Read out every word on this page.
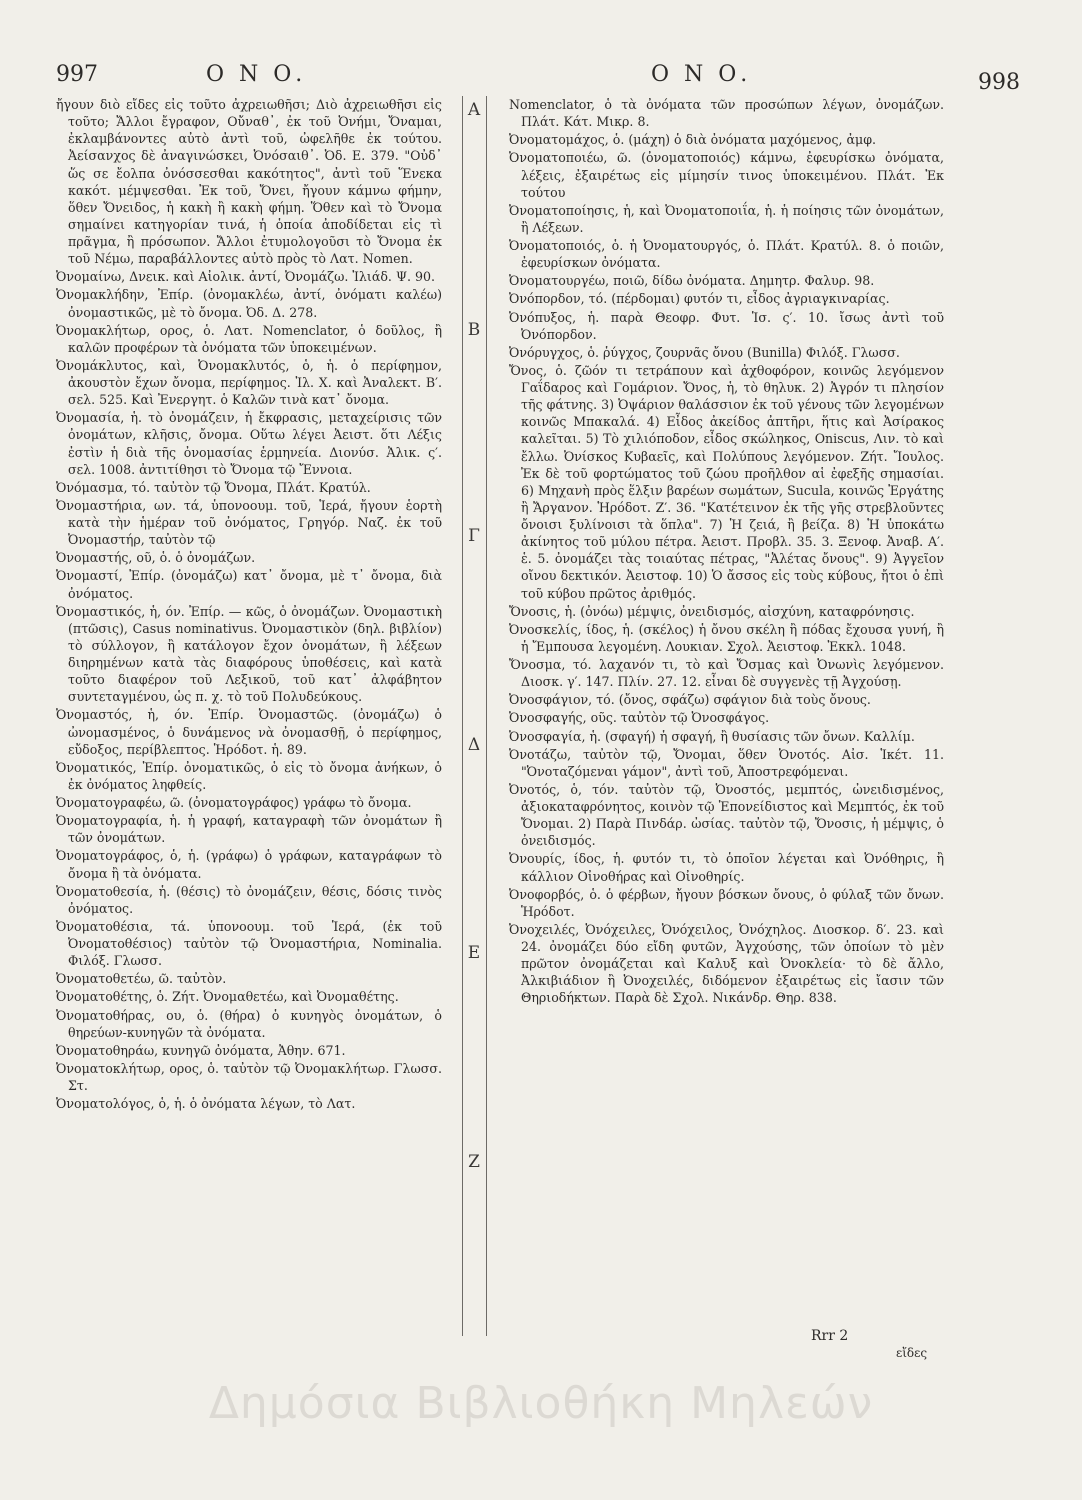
997	Ο Ν Ο.	Ο Ν Ο.	998

ἤγουν διὸ εἴδες εἰς τοῦτο ἀχρειωθῆσι; Διὸ ἀχρειωθῆσι εἰς τοῦτο; Ἄλλοι ἔγραφον, Οὔναθ᾽, ἐκ τοῦ Ὀνήμι, Ὄναμαι, ἐκλαμβάνοντες αὐτὸ ἀντὶ τοῦ, ὠφελῆθε ἐκ τούτου. Ἀείσανχος δὲ ἀναγινώσκει, Ὀνόσαιθ᾽. Ὀδ. Ε. 379. "Οὐδ᾽ ὥς σε ἔολπα ὀνόσσεσθαι κακότητος", ἀντὶ τοῦ Ἕνεκα κακότ. μέμψεσθαι. Ἐκ τοῦ, Ὄνει, ἤγουν κάμνω φήμην, ὅθεν Ὄνειδος, ἡ κακὴ ἢ κακὴ φήμη. Ὅθεν καὶ τὸ Ὄνομα σημαίνει κατηγορίαν τινά, ἡ ὁποία ἀποδίδεται εἰς τὶ πρᾶγμα, ἢ πρόσωπον. Ἄλλοι ἐτυμολογοῦσι τὸ Ὄνομα ἐκ τοῦ Νέμω, παραβάλλοντες αὐτὸ πρὸς τὸ Λατ. Nomen.

Ὀνομαίνω, Δνεικ. καὶ Αἰολικ. ἀντί, Ὀνομάζω. Ἰλιάδ. Ψ. 90.

Ὀνομακλήδην, Ἐπίρ. (ὀνομακλέω, ἀντί, ὀνόματι καλέω) ὀνομαστικῶς, μὲ τὸ ὄνομα. Ὀδ. Δ. 278.

Ὀνομακλήτωρ, ορος, ὁ. Λατ. Nomenclator, ὁ δοῦλος, ἢ καλῶν προφέρων τὰ ὀνόματα τῶν ὑποκειμένων.

Ὀνομάκλυτος, καὶ, Ὀνομακλυτός, ὁ, ἡ. ὁ περίφημον, ἀκουστὸν ἔχων ὄνομα, περίφημος. Ἰλ. Χ. καὶ Ἀναλεκτ. Β′. σελ. 525. Καὶ Ἐνεργητ. ὁ Καλῶν τινὰ κατ᾽ ὄνομα.

Ὀνομασία, ἡ. τὸ ὀνομάζειν, ἡ ἔκφρασις, μεταχείρισις τῶν ὀνομάτων, κλῆσις, ὄνομα. Οὕτω λέγει Ἀειστ. ὅτι Λέξις ἐστὶν ἡ διὰ τῆς ὀνομασίας ἑρμηνεία. Διονύσ. Ἀλικ. ς′. σελ. 1008. ἀντιτίθησι τὸ Ὄνομα τῷ Ἔννοια.

Ὀνόμασμα, τό. ταὐτὸν τῷ Ὄνομα, Πλάτ. Κρατύλ.

Ὀνομαστήρια, ων. τά, ὑπονοουμ. τοῦ, Ἱερά, ἤγουν ἑορτὴ κατὰ τὴν ἡμέραν τοῦ ὀνόματος, Γρηγόρ. Ναζ. ἐκ τοῦ Ὀνομαστήρ, ταὐτὸν τῷ

Ὀνομαστής, οῦ, ὁ. ὁ ὀνομάζων.

Ὀνομαστί, Ἐπίρ. (ὀνομάζω) κατ᾽ ὄνομα, μὲ τ᾽ ὄνομα, διὰ ὀνόματος.

Ὀνομαστικός, ἡ, όν. Ἐπίρ. — κῶς, ὁ ὀνομάζων. Ὀνομαστικὴ (πτῶσις), Casus nominativus. Ὀνομαστικὸν (δηλ. βιβλίον) τὸ σύλλογον, ἢ κατάλογον ἔχον ὀνομάτων, ἢ λέξεων διηρημένων κατὰ τὰς διαφόρους ὑποθέσεις, καὶ κατὰ τοῦτο διαφέρον τοῦ Λεξικοῦ, τοῦ κατ᾽ ἀλφάβητον συντεταγμένου, ὡς π. χ. τὸ τοῦ Πολυδεύκους.

Ὀνομαστός, ἡ, όν. Ἐπίρ. Ὀνομαστῶς. (ὀνομάζω) ὁ ὠνομασμένος, ὁ δυνάμενος νὰ ὀνομασθῇ, ὁ περίφημος, εὔδοξος, περίβλεπτος. Ἡρόδοτ. ἡ. 89.

Ὀνοματικός, Ἐπίρ. ὀνοματικῶς, ὁ εἰς τὸ ὄνομα ἀνήκων, ὁ ἐκ ὀνόματος ληφθείς.

Ὀνοματογραφέω, ῶ. (ὀνοματογράφος) γράφω τὸ ὄνομα.

Ὀνοματογραφία, ἡ. ἡ γραφή, καταγραφὴ τῶν ὀνομάτων ἢ τῶν ὀνομάτων.

Ὀνοματογράφος, ὁ, ἡ. (γράφω) ὁ γράφων, καταγράφων τὸ ὄνομα ἢ τὰ ὀνόματα.

Ὀνοματοθεσία, ἡ. (θέσις) τὸ ὀνομάζειν, θέσις, δόσις τινὸς ὀνόματος.

Ὀνοματοθέσια, τά. ὑπονοουμ. τοῦ Ἱερά, (ἐκ τοῦ Ὀνοματοθέσιος) ταὐτὸν τῷ Ὀνομαστήρια, Nominalia. Φιλόξ. Γλωσσ.

Ὀνοματοθετέω, ῶ. ταὐτὸν.

Ὀνοματοθέτης, ὁ. Ζήτ. Ὀνομαθετέω, καὶ Ὀνομαθέτης.

Ὀνοματοθήρας, ου, ὁ. (θήρα) ὁ κυνηγὸς ὀνομάτων, ὁ θηρεύων-κυνηγῶν τὰ ὀνόματα.

Ὀνοματοθηράω, κυνηγῶ ὀνόματα, Ἀθην. 671.

Ὀνοματοκλήτωρ, ορος, ὁ. ταὐτὸν τῷ Ὀνομακλήτωρ. Γλωσσ. Στ.

Ὀνοματολόγος, ὁ, ἡ. ὁ ὀνόματα λέγων, τὸ Λατ.

Α
Β
Γ
Δ
Ε
Ζ

Nomenclator, ὁ τὰ ὀνόματα τῶν προσώπων λέγων, ὀνομάζων. Πλάτ. Κάτ. Μικρ. 8.

Ὀνοματομάχος, ὁ. (μάχη) ὁ διὰ ὀνόματα μαχόμενος, ἀμφ.

Ὀνοματοποιέω, ῶ. (ὀνοματοποιός) κάμνω, ἐφευρίσκω ὀνόματα, λέξεις, ἐξαιρέτως εἰς μίμησίν τινος ὑποκειμένου. Πλάτ. Ἐκ τούτου

Ὀνοματοποίησις, ἡ, καὶ Ὀνοματοποιΐα, ἡ. ἡ ποίησις τῶν ὀνομάτων, ἢ Λέξεων.

Ὀνοματοποιός, ὁ. ἡ Ὀνοματουργός, ὁ. Πλάτ. Κρατύλ. 8. ὁ ποιῶν, ἐφευρίσκων ὀνόματα.

Ὀνοματουργέω, ποιῶ, δίδω ὀνόματα. Δημητρ. Φαλυρ. 98.

Ὀνόπορδον, τό. (πέρδομαι) φυτόν τι, εἶδος ἀγριαγκιναρίας.

Ὀνόπυξος, ἡ. παρὰ Θεοφρ. Φυτ. Ἱσ. ς′. 10. ἴσως ἀντὶ τοῦ Ὀνόπορδον.

Ὀνόρυγχος, ὁ. ῥύγχος, ζουρνᾶς ὄνου (Bunilla) Φιλόξ. Γλωσσ.

Ὄνος, ὁ. ζῶόν τι τετράπουν καὶ ἀχθοφόρον, κοινῶς λεγόμενον Γαΐδαρος καὶ Γομάριον. Ὄνος, ἡ, τὸ θηλυκ. 2) Ἀγρόν τι πλησίον τῆς φάτνης. 3) Ὀψάριον θαλάσσιον ἐκ τοῦ γένους τῶν λεγομένων κοινῶς Μπακαλά. 4) Εἶδος ἀκείδος ἀπτῆρι, ἥτις καὶ Ἀσίρακος καλεῖται. 5) Τὸ χιλιόποδον, εἶδος σκώληκος, Oniscus, Λιν. τὸ καὶ ἔλλω. Ὀνίσκος Κυβαεῖς, καὶ Πολύπους λεγόμενον. Ζήτ. Ἴουλος. Ἐκ δὲ τοῦ φορτώματος τοῦ ζώου προῆλθον αἱ ἐφεξῆς σημασίαι. 6) Μηχανὴ πρὸς ἕλξιν βαρέων σωμάτων, Sucula, κοινῶς Ἐργάτης ἢ Ἄργανον. Ἡρόδοτ. Ζ′. 36. "Κατέτεινον ἐκ τῆς γῆς στρεβλοῦντες ὄνοισι ξυλίνοισι τὰ ὅπλα". 7) Ἡ ζειά, ἢ βείζα. 8) Ἡ ὑποκάτω ἀκίνητος τοῦ μύλου πέτρα. Ἀειστ. Προβλ. 35. 3. Ξενοφ. Ἀναβ. Α′. ἑ. 5. ὀνομάζει τὰς τοιαύτας πέτρας, "Ἀλέτας ὄνους". 9) Ἀγγεῖον οἴνου δεκτικόν. Ἀειστοφ. 10) Ὁ ἄσσος εἰς τοὺς κύβους, ἤτοι ὁ ἐπὶ τοῦ κύβου πρῶτος ἀριθμός.

Ὄνοσις, ἡ. (ὀνόω) μέμψις, ὀνειδισμός, αἰσχύνη, καταφρόνησις.

Ὀνοσκελίς, ίδος, ἡ. (σκέλος) ἡ ὄνου σκέλη ἢ πόδας ἔχουσα γυνή, ἢ ἡ Ἔμπουσα λεγομένη. Λουκιαν. Σχολ. Ἀειστοφ. Ἐκκλ. 1048.

Ὄνοσμα, τό. λαχανόν τι, τὸ καὶ Ὄσμας καὶ Ὀνωνὶς λεγόμενον. Διοσκ. γ′. 147. Πλίν. 27. 12. εἶναι δὲ συγγενὲς τῇ Ἀγχούσῃ.

Ὀνοσφάγιον, τό. (ὄνος, σφάζω) σφάγιον διὰ τοὺς ὄνους.

Ὀνοσφαγής, οῦς. ταὐτὸν τῷ Ὀνοσφάγος.

Ὀνοσφαγία, ἡ. (σφαγή) ἡ σφαγή, ἢ θυσίασις τῶν ὄνων. Καλλίμ.

Ὀνοτάζω, ταὐτὸν τῷ, Ὄνομαι, ὅθεν Ὀνοτός. Αἰσ. Ἱκέτ. 11. "Ὀνοταζόμεναι γάμον", ἀντὶ τοῦ, Ἀποστρεφόμεναι.

Ὀνοτός, ὁ, τόν. ταὐτὸν τῷ, Ὀνοστός, μεμπτός, ὠνειδισμένος, ἀξιοκαταφρόνητος, κοινὸν τῷ Ἐπονείδιστος καὶ Μεμπτός, ἐκ τοῦ Ὄνομαι. 2) Παρὰ Πινδάρ. ὠσίας. ταὐτὸν τῷ, Ὄνοσις, ἡ μέμψις, ὁ ὀνειδισμός.

Ὀνουρίς, ίδος, ἡ. φυτόν τι, τὸ ὁποῖον λέγεται καὶ Ὀνόθηρις, ἢ κάλλιον Οἰνοθήρας καὶ Οἰνοθηρίς.

Ὀνοφορβός, ὁ. ὁ φέρβων, ἤγουν βόσκων ὄνους, ὁ φύλαξ τῶν ὄνων. Ἡρόδοτ.

Ὀνοχειλές, Ὀνόχειλες, Ὀνόχειλος, Ὀνόχηλος. Διοσκορ. δ′. 23. καὶ 24. ὀνομάζει δύο εἴδη φυτῶν, Ἀγχούσης, τῶν ὁποίων τὸ μὲν πρῶτον ὀνομάζεται καὶ Καλυξ καὶ Ὀνοκλεία· τὸ δὲ ἄλλο, Ἀλκιβιάδιον ἢ Ὀνοχειλές, διδόμενον ἐξαιρέτως εἰς ἴασιν τῶν Θηριοδήκτων. Παρὰ δὲ Σχολ. Νικάνδρ. Θηρ. 838.

Rrr 2
εἴδες
Δημόσια Βιβλιοθήκη Μηλεών
